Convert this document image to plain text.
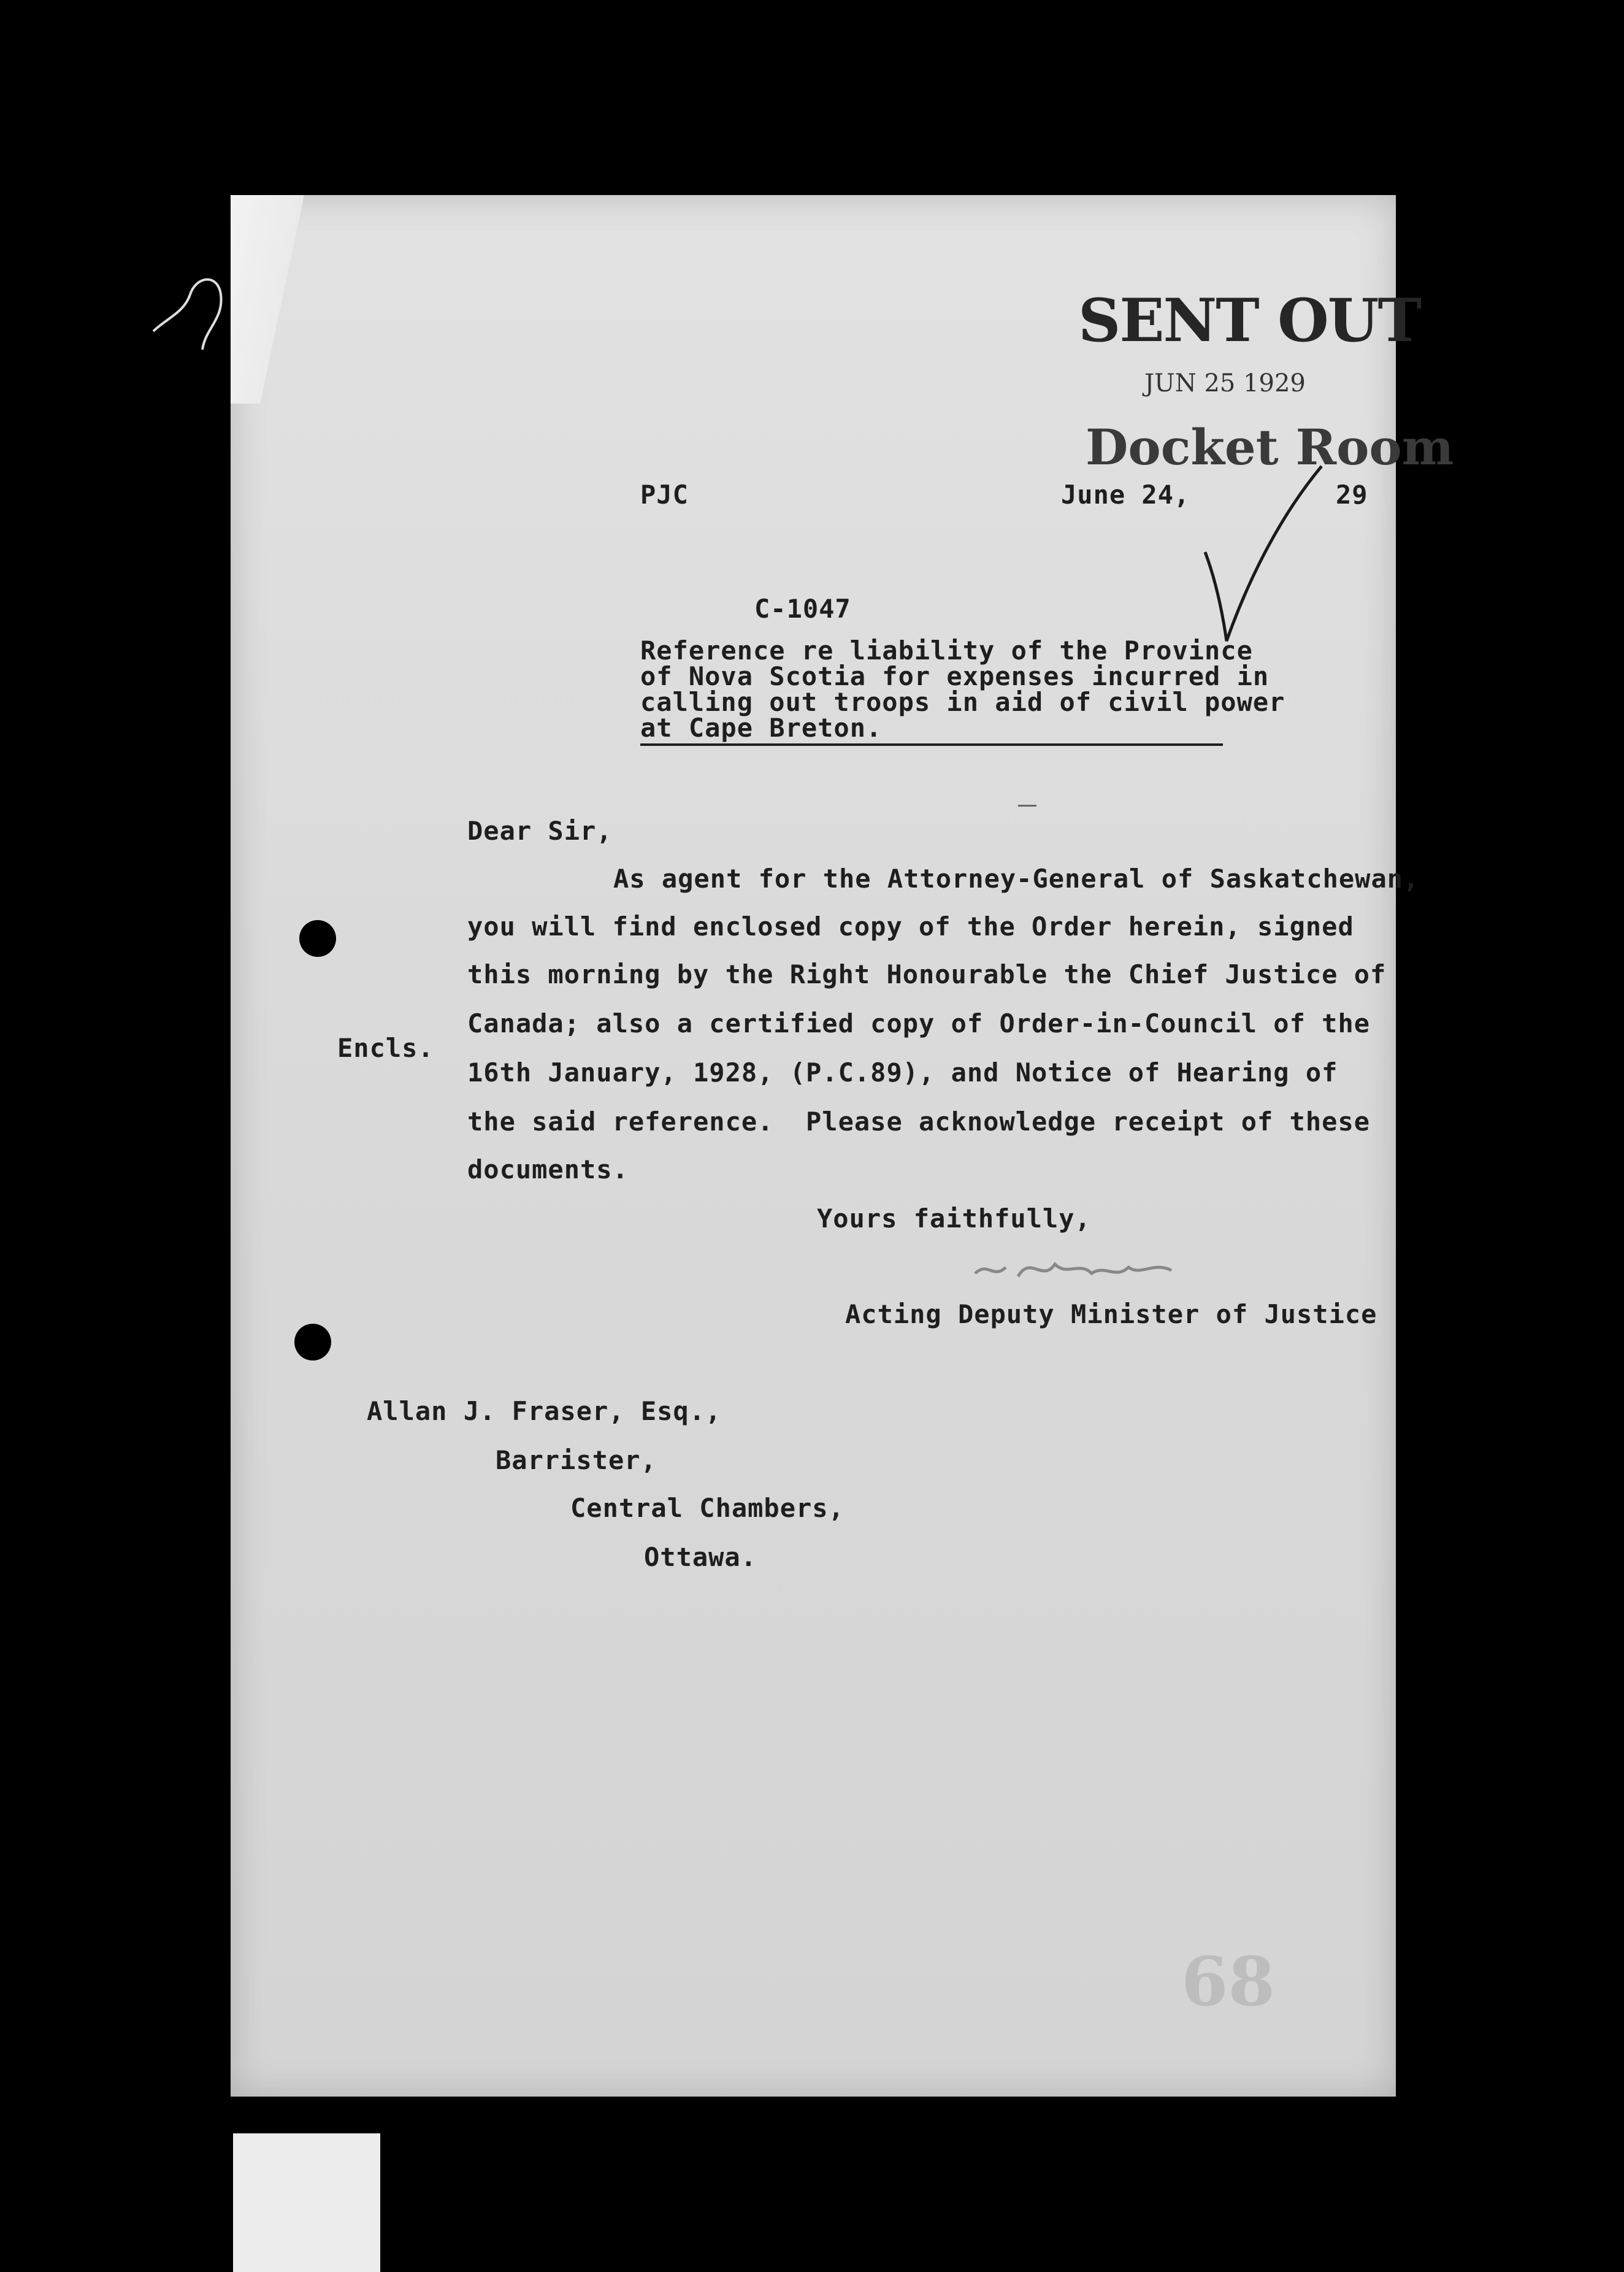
SENT OUT
JUN 25 1929
Docket Room
PJC	June 24,	29
C-1047
Reference re liability of the Province
of Nova Scotia for expenses incurred in
calling out troops in aid of civil power
at Cape Breton.
Dear Sir,
As agent for the Attorney-General of Saskatchewan,
you will find enclosed copy of the Order herein, signed
this morning by the Right Honourable the Chief Justice of
Canada; also a certified copy of Order-in-Council of the
16th January, 1928, (P.C.89), and Notice of Hearing of
the said reference.  Please acknowledge receipt of these
documents.
Encls.
Yours faithfully,
Acting Deputy Minister of Justice
Allan J. Fraser, Esq.,
Barrister,
Central Chambers,
Ottawa.
68
